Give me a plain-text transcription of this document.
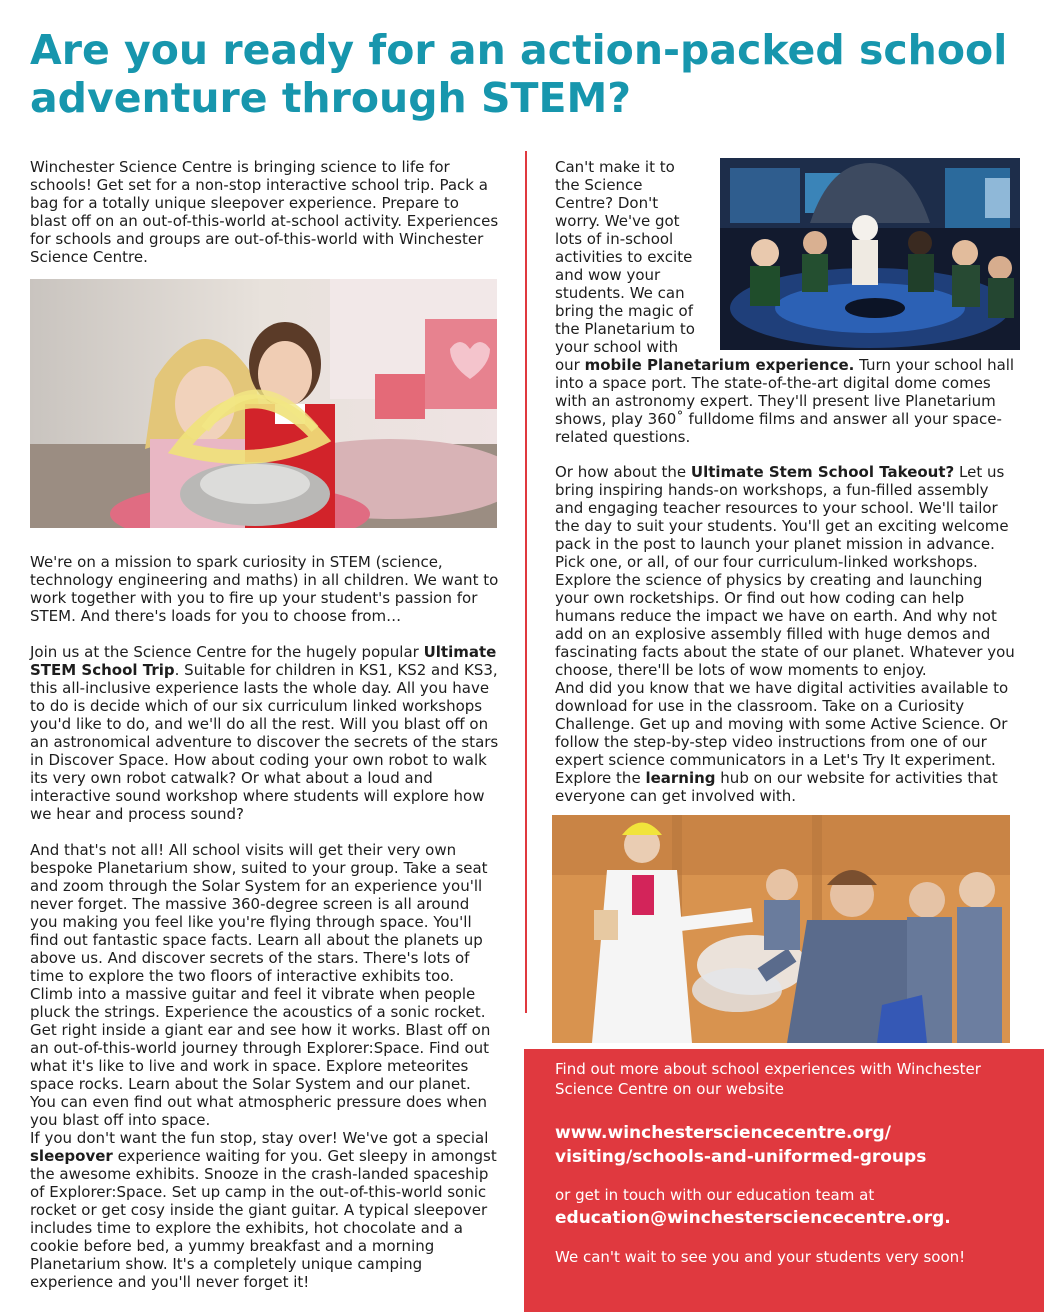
Are you ready for an action-packed school
adventure through STEM?

Winchester Science Centre is bringing science to life for schools! Get set for a non-stop interactive school trip. Pack a bag for a totally unique sleepover experience. Prepare to blast off on an out-of-this-world at-school activity. Experiences for schools and groups are out-of-this-world with Winchester Science Centre.

We're on a mission to spark curiosity in STEM (science, technology engineering and maths) in all children. We want to work together with you to fire up your student's passion for STEM. And there's loads for you to choose from…

Join us at the Science Centre for the hugely popular Ultimate STEM School Trip. Suitable for children in KS1, KS2 and KS3, this all-inclusive experience lasts the whole day. All you have to do is decide which of our six curriculum linked workshops you'd like to do, and we'll do all the rest. Will you blast off on an astronomical adventure to discover the secrets of the stars in Discover Space. How about coding your own robot to walk its very own robot catwalk? Or what about a loud and interactive sound workshop where students will explore how we hear and process sound?

And that's not all! All school visits will get their very own bespoke Planetarium show, suited to your group. Take a seat and zoom through the Solar System for an experience you'll never forget. The massive 360-degree screen is all around you making you feel like you're flying through space. You'll find out fantastic space facts. Learn all about the planets up above us. And discover secrets of the stars. There's lots of time to explore the two floors of interactive exhibits too. Climb into a massive guitar and feel it vibrate when people pluck the strings. Experience the acoustics of a sonic rocket. Get right inside a giant ear and see how it works. Blast off on an out-of-this-world journey through Explorer:Space. Find out what it's like to live and work in space. Explore meteorites space rocks. Learn about the Solar System and our planet. You can even find out what atmospheric pressure does when you blast off into space.

If you don't want the fun stop, stay over! We've got a special sleepover experience waiting for you. Get sleepy in amongst the awesome exhibits. Snooze in the crash-landed spaceship of Explorer:Space. Set up camp in the out-of-this-world sonic rocket or get cosy inside the giant guitar. A typical sleepover includes time to explore the exhibits, hot chocolate and a cookie before bed, a yummy breakfast and a morning Planetarium show. It's a completely unique camping experience and you'll never forget it!

Can't make it to the Science Centre? Don't worry. We've got lots of in-school activities to excite and wow your students. We can bring the magic of the Planetarium to your school with our mobile Planetarium experience. Turn your school hall into a space port. The state-of-the-art digital dome comes with an astronomy expert. They'll present live Planetarium shows, play 360˚ fulldome films and answer all your space-related questions.

Or how about the Ultimate Stem School Takeout? Let us bring inspiring hands-on workshops, a fun-filled assembly and engaging teacher resources to your school. We'll tailor the day to suit your students. You'll get an exciting welcome pack in the post to launch your planet mission in advance. Pick one, or all, of our four curriculum-linked workshops. Explore the science of physics by creating and launching your own rocketships. Or find out how coding can help humans reduce the impact we have on earth. And why not add on an explosive assembly filled with huge demos and fascinating facts about the state of our planet. Whatever you choose, there'll be lots of wow moments to enjoy.

And did you know that we have digital activities available to download for use in the classroom. Take on a Curiosity Challenge. Get up and moving with some Active Science. Or follow the step-by-step video instructions from one of our expert science communicators in a Let's Try It experiment. Explore the learning hub on our website for activities that everyone can get involved with.

Find out more about school experiences with Winchester Science Centre on our website

www.winchestersciencecentre.org/
visiting/schools-and-uniformed-groups

or get in touch with our education team at

education@winchestersciencecentre.org.

We can't wait to see you and your students very soon!
